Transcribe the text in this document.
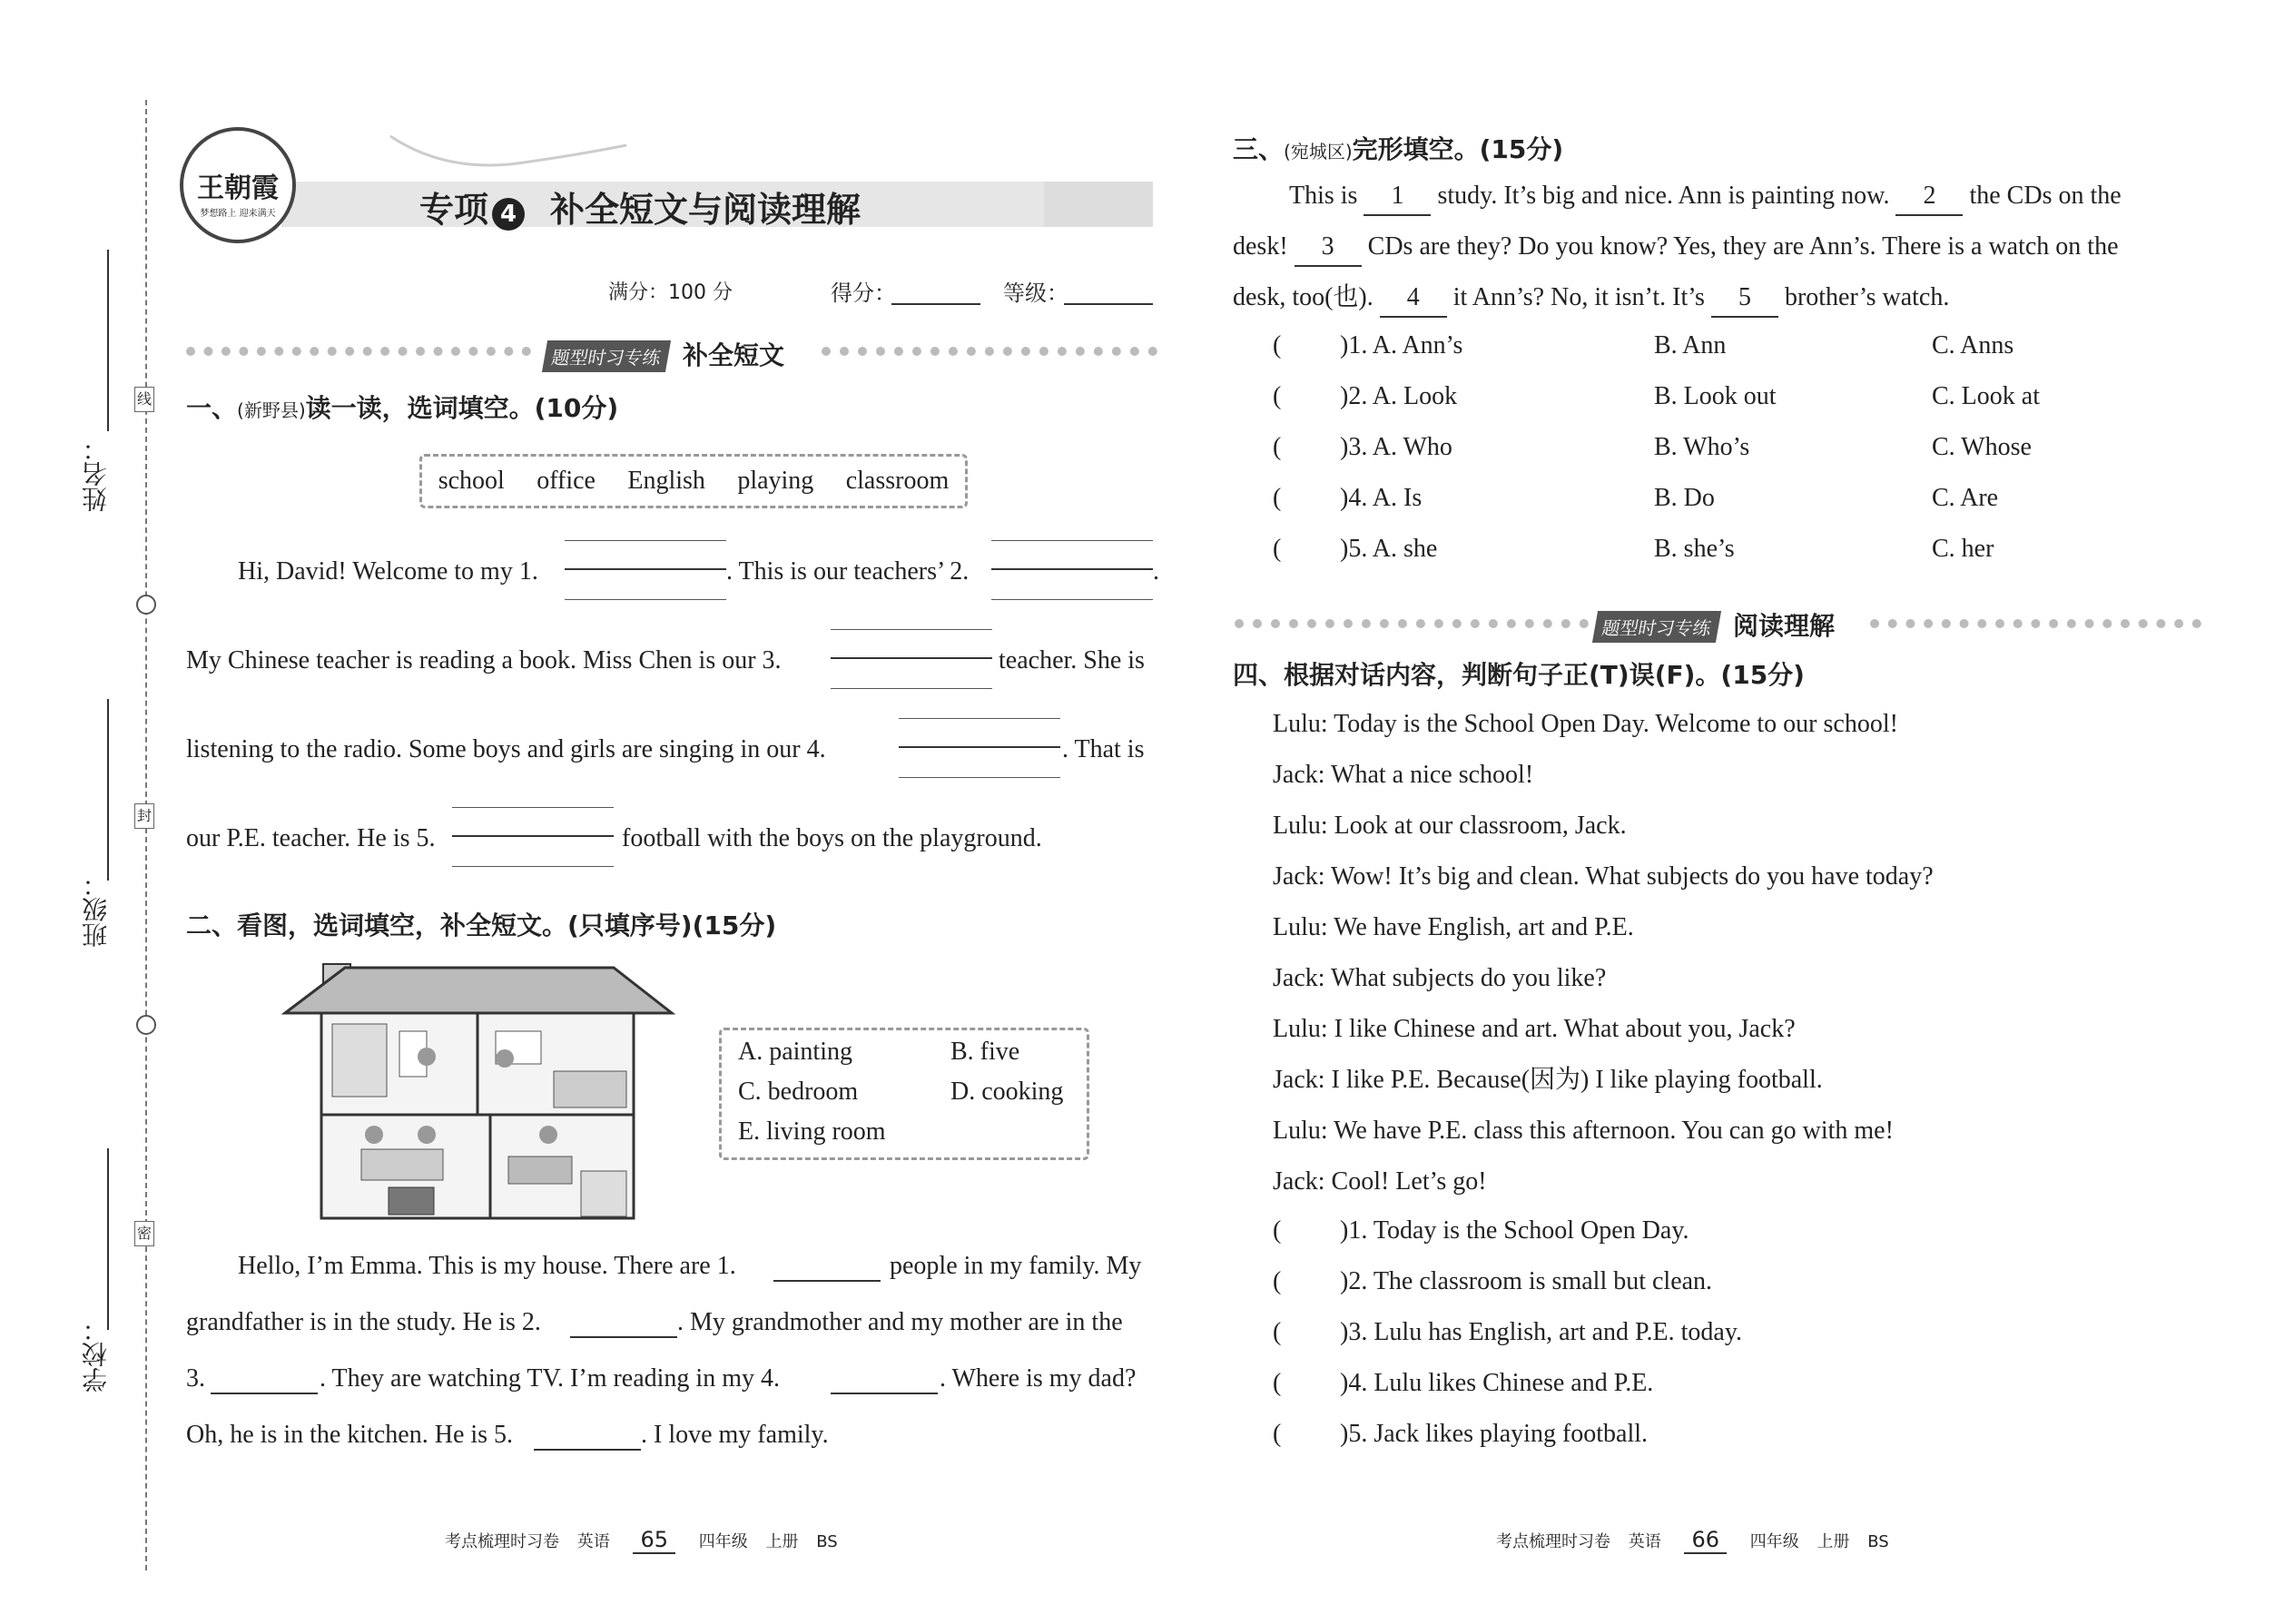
姓名：
班级：
学校：
线
封
密
王朝霞
梦想路上 迎来满天	专项 4 补全短文与阅读理解
满分：100 分	得分：	等级：
题型时习专练 补全短文
一、(新野县)读一读，选词填空。(10分)
school office English playing classroom
Hi, David! Welcome to my 1.	. This is our teachers’ 2.	.
My Chinese teacher is reading a book. Miss Chen is our 3.	teacher. She is
listening to the radio. Some boys and girls are singing in our 4.	. That is
our P.E. teacher. He is 5.	football with the boys on the playground.
二、看图，选词填空，补全短文。(只填序号)(15分)
A. painting	B. five
C. bedroom	D. cooking
E. living room
Hello, I’m Emma. This is my house. There are 1.	people in my family. My
grandfather is in the study. He is 2.	. My grandmother and my mother are in the
3.	. They are watching TV. I’m reading in my 4.	. Where is my dad?
Oh, he is in the kitchen. He is 5.	. I love my family.
考点梳理时习卷 英语 65 四年级 上册 BS
三、(宛城区)完形填空。(15分)
This is 1 study. It’s big and nice. Ann is painting now. 2 the CDs on the
desk! 3 CDs are they? Do you know? Yes, they are Ann’s. There is a watch on the
desk, too(也). 4 it Ann’s? No, it isn’t. It’s 5 brother’s watch.
( )1. A. Ann’s	B. Ann	C. Anns
( )2. A. Look	B. Look out	C. Look at
( )3. A. Who	B. Who’s	C. Whose
( )4. A. Is	B. Do	C. Are
( )5. A. she	B. she’s	C. her
题型时习专练 阅读理解
四、根据对话内容，判断句子正(T)误(F)。(15分)
Lulu: Today is the School Open Day. Welcome to our school!
Jack: What a nice school!
Lulu: Look at our classroom, Jack.
Jack: Wow! It’s big and clean. What subjects do you have today?
Lulu: We have English, art and P.E.
Jack: What subjects do you like?
Lulu: I like Chinese and art. What about you, Jack?
Jack: I like P.E. Because(因为) I like playing football.
Lulu: We have P.E. class this afternoon. You can go with me!
Jack: Cool! Let’s go!
( )1. Today is the School Open Day.
( )2. The classroom is small but clean.
( )3. Lulu has English, art and P.E. today.
( )4. Lulu likes Chinese and P.E.
( )5. Jack likes playing football.
考点梳理时习卷 英语 66 四年级 上册 BS
